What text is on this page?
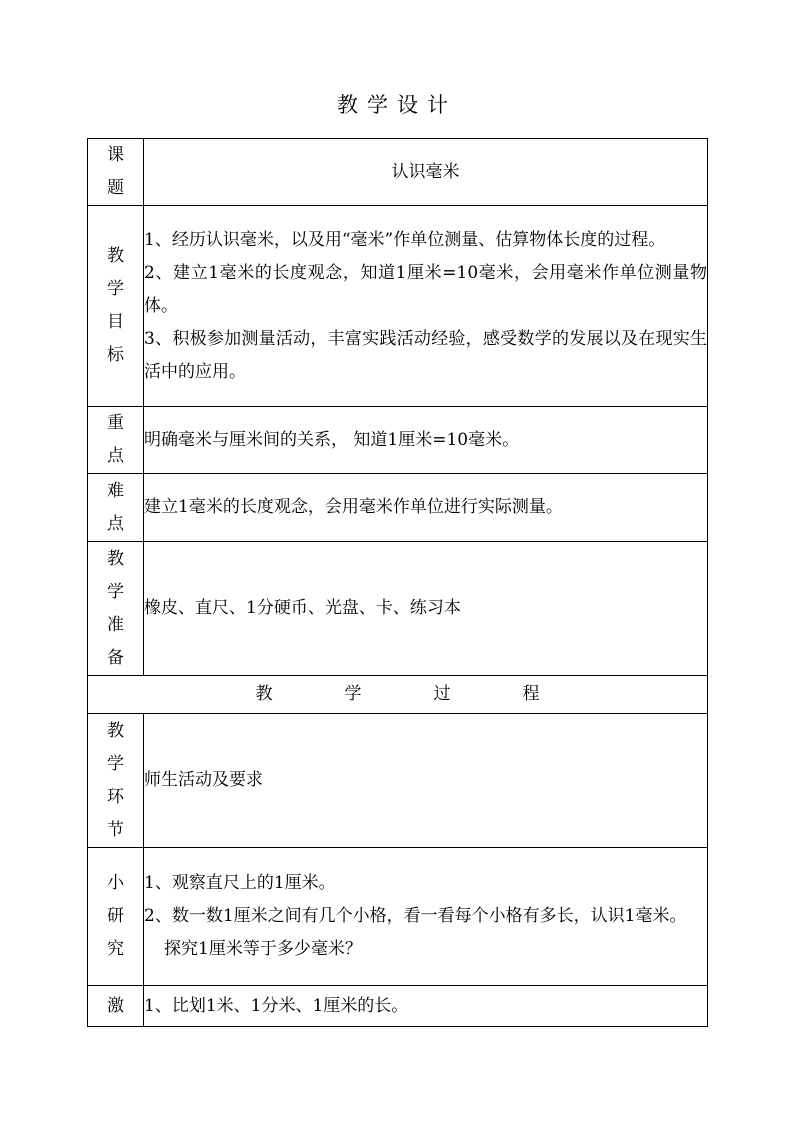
教学设计
课题	认识毫米
教学目标	1、经历认识毫米，以及用“毫米”作单位测量、估算物体长度的过程。

2、建立1毫米的长度观念，知道1厘米=10毫米，会用毫米作单位测量物体。

3、积极参加测量活动，丰富实践活动经验，感受数学的发展以及在现实生活中的应用。

重点	明确毫米与厘米间的关系， 知道1厘米=10毫米。

难点	建立1毫米的长度观念，会用毫米作单位进行实际测量。

教学准备	橡皮、直尺、1分硬币、光盘、卡、练习本

教学过程	
教学环节	师生活动及要求

小研究	1、观察直尺上的1厘米。

2、数一数1厘米之间有几个小格，看一看每个小格有多长，认识1毫米。

探究1厘米等于多少毫米？

激	1、比划1米、1分米、1厘米的长。
